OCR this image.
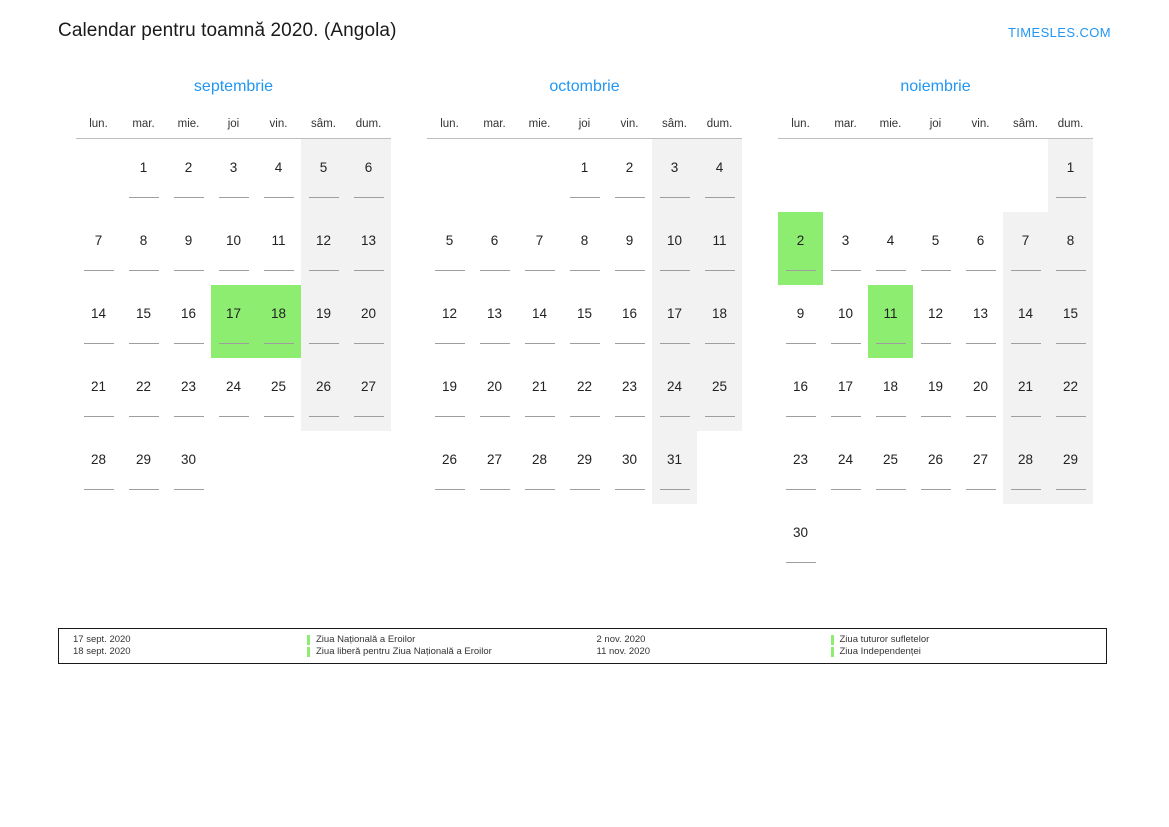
Calendar pentru toamnă 2020. (Angola)	TIMESLES.COM
septembrie
lun.	mar.	mie.	joi	vin.	sâm.	dum.

	1	2	3	4	5	6

7	8	9	10	11	12	13

14	15	16	17	18	19	20

21	22	23	24	25	26	27

28	29	30				

octombrie
lun.	mar.	mie.	joi	vin.	sâm.	dum.

			1	2	3	4

5	6	7	8	9	10	11

12	13	14	15	16	17	18

19	20	21	22	23	24	25

26	27	28	29	30	31	

noiembrie
lun.	mar.	mie.	joi	vin.	sâm.	dum.

						1

2	3	4	5	6	7	8

9	10	11	12	13	14	15

16	17	18	19	20	21	22

23	24	25	26	27	28	29

30						

17 sept. 2020	Ziua Națională a Eroilor
18 sept. 2020	Ziua liberă pentru Ziua Națională a Eroilor
2 nov. 2020	Ziua tuturor sufletelor
11 nov. 2020	Ziua Independenței
